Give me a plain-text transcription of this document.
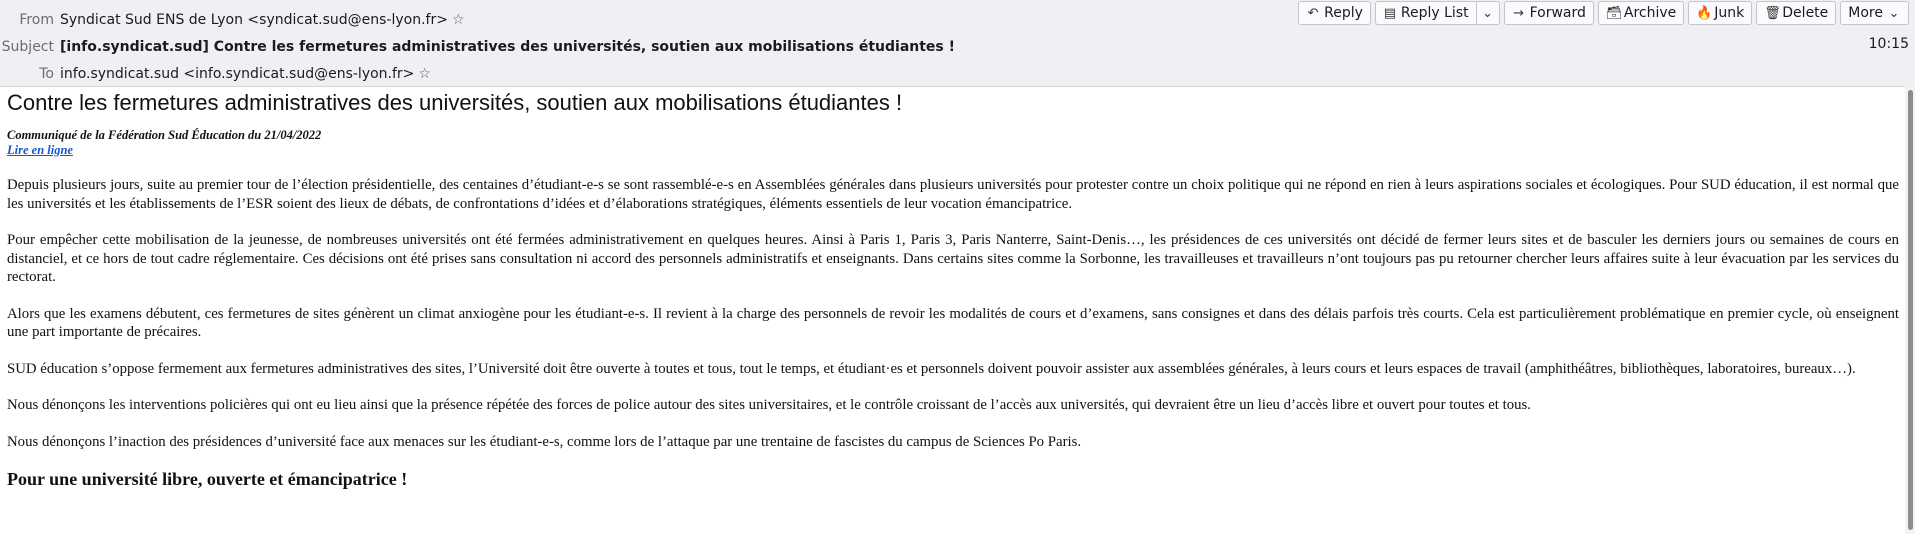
From Syndicat Sud ENS de Lyon <syndicat.sud@ens-lyon.fr> ☆
Subject [info.syndicat.sud] Contre les fermetures administratives des universités, soutien aux mobilisations étudiantes !
To info.syndicat.sud <info.syndicat.sud@ens-lyon.fr> ☆
10:15
↶ Reply ▤ Reply List ⌄ → Forward 🗃 Archive 🔥 Junk 🗑 Delete More ⌄
Contre les fermetures administratives des universités, soutien aux mobilisations étudiantes !
Communiqué de la Fédération Sud Éducation du 21/04/2022
Lire en ligne

Depuis plusieurs jours, suite au premier tour de l’élection présidentielle, des centaines d’étudiant-e-s se sont rassemblé-e-s en Assemblées générales dans plusieurs universités pour protester contre un choix politique qui ne répond en rien à leurs aspirations sociales et écologiques. Pour SUD éducation, il est normal que les universités et les établissements de l’ESR soient des lieux de débats, de confrontations d’idées et d’élaborations stratégiques, éléments essentiels de leur vocation émancipatrice.

Pour empêcher cette mobilisation de la jeunesse, de nombreuses universités ont été fermées administrativement en quelques heures. Ainsi à Paris 1, Paris 3, Paris Nanterre, Saint-Denis…, les présidences de ces universités ont décidé de fermer leurs sites et de basculer les derniers jours ou semaines de cours en distanciel, et ce hors de tout cadre réglementaire. Ces décisions ont été prises sans consultation ni accord des personnels administratifs et enseignants. Dans certains sites comme la Sorbonne, les travailleuses et travailleurs n’ont toujours pas pu retourner chercher leurs affaires suite à leur évacuation par les services du rectorat.

Alors que les examens débutent, ces fermetures de sites génèrent un climat anxiogène pour les étudiant-e-s. Il revient à la charge des personnels de revoir les modalités de cours et d’examens, sans consignes et dans des délais parfois très courts. Cela est particulièrement problématique en premier cycle, où enseignent une part importante de précaires.

SUD éducation s’oppose fermement aux fermetures administratives des sites, l’Université doit être ouverte à toutes et tous, tout le temps, et étudiant·es et personnels doivent pouvoir assister aux assemblées générales, à leurs cours et leurs espaces de travail (amphithéâtres, bibliothèques, laboratoires, bureaux…).

Nous dénonçons les interventions policières qui ont eu lieu ainsi que la présence répétée des forces de police autour des sites universitaires, et le contrôle croissant de l’accès aux universités, qui devraient être un lieu d’accès libre et ouvert pour toutes et tous.

Nous dénonçons l’inaction des présidences d’université face aux menaces sur les étudiant-e-s, comme lors de l’attaque par une trentaine de fascistes du campus de Sciences Po Paris.

Pour une université libre, ouverte et émancipatrice !
